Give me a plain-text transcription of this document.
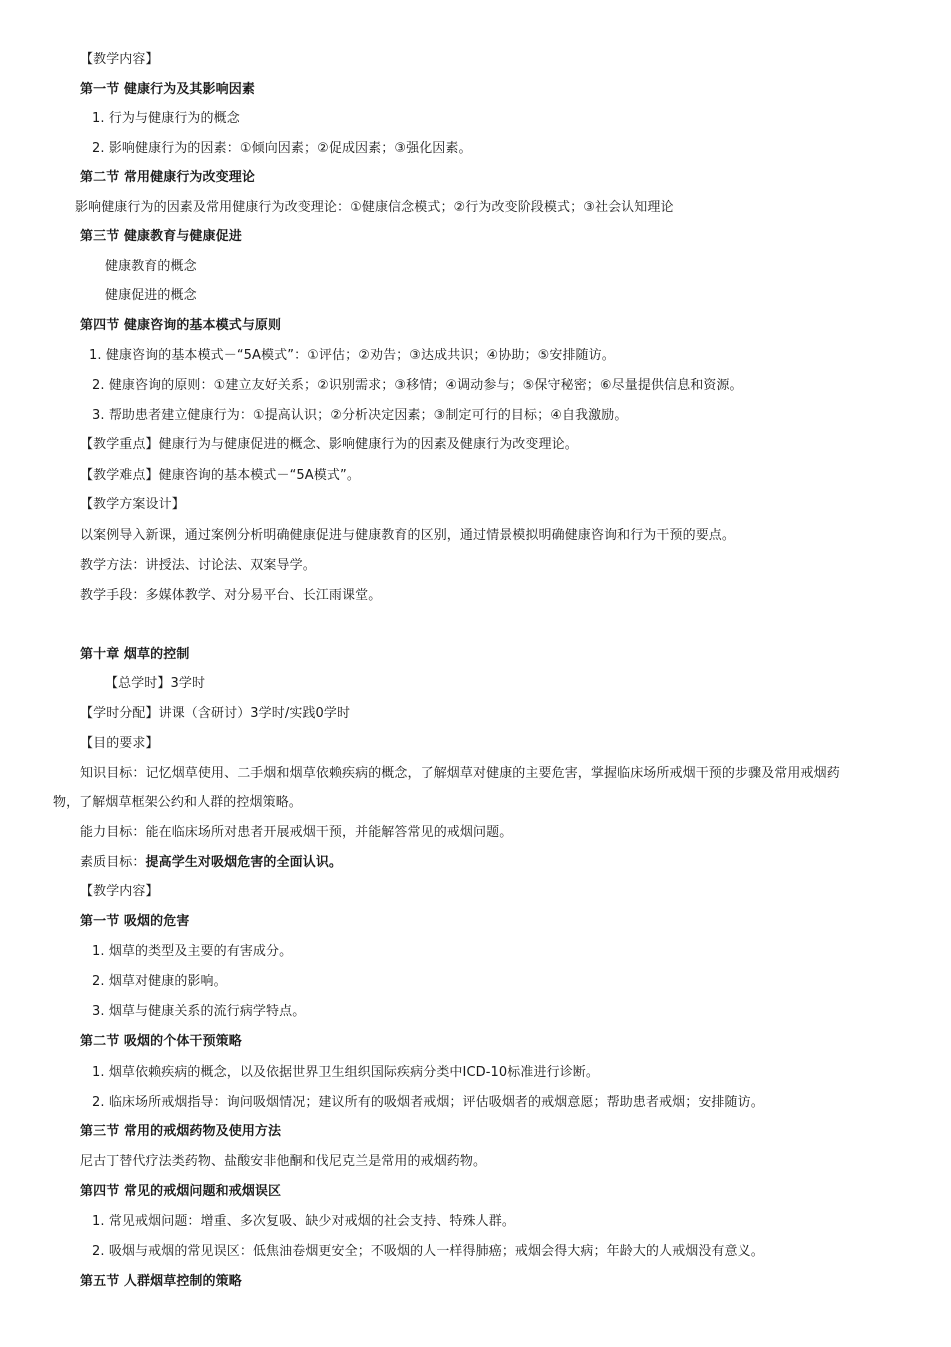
【教学内容】
第一节 健康行为及其影响因素
1. 行为与健康行为的概念
2. 影响健康行为的因素：①倾向因素；②促成因素；③强化因素。
第二节 常用健康行为改变理论
影响健康行为的因素及常用健康行为改变理论：①健康信念模式；②行为改变阶段模式；③社会认知理论
第三节 健康教育与健康促进
健康教育的概念
健康促进的概念
第四节 健康咨询的基本模式与原则
1. 健康咨询的基本模式－“5A模式”：①评估；②劝告；③达成共识；④协助；⑤安排随访。
2. 健康咨询的原则：①建立友好关系；②识别需求；③移情；④调动参与；⑤保守秘密；⑥尽量提供信息和资源。
3. 帮助患者建立健康行为：①提高认识；②分析决定因素；③制定可行的目标；④自我激励。
【教学重点】健康行为与健康促进的概念、影响健康行为的因素及健康行为改变理论。
【教学难点】健康咨询的基本模式－“5A模式”。
【教学方案设计】
以案例导入新课，通过案例分析明确健康促进与健康教育的区别，通过情景模拟明确健康咨询和行为干预的要点。
教学方法：讲授法、讨论法、双案导学。
教学手段：多媒体教学、对分易平台、长江雨课堂。
第十章 烟草的控制
【总学时】3学时
【学时分配】讲课（含研讨）3学时/实践0学时
【目的要求】
知识目标：记忆烟草使用、二手烟和烟草依赖疾病的概念，了解烟草对健康的主要危害，掌握临床场所戒烟干预的步骤及常用戒烟药
物，了解烟草框架公约和人群的控烟策略。
能力目标：能在临床场所对患者开展戒烟干预，并能解答常见的戒烟问题。
素质目标：提高学生对吸烟危害的全面认识。
【教学内容】
第一节 吸烟的危害
1. 烟草的类型及主要的有害成分。
2. 烟草对健康的影响。
3. 烟草与健康关系的流行病学特点。
第二节 吸烟的个体干预策略
1. 烟草依赖疾病的概念，以及依据世界卫生组织国际疾病分类中ICD-10标准进行诊断。
2. 临床场所戒烟指导：询问吸烟情况；建议所有的吸烟者戒烟；评估吸烟者的戒烟意愿；帮助患者戒烟；安排随访。
第三节 常用的戒烟药物及使用方法
尼古丁替代疗法类药物、盐酸安非他酮和伐尼克兰是常用的戒烟药物。
第四节 常见的戒烟问题和戒烟误区
1. 常见戒烟问题：增重、多次复吸、缺少对戒烟的社会支持、特殊人群。
2. 吸烟与戒烟的常见误区：低焦油卷烟更安全；不吸烟的人一样得肺癌；戒烟会得大病；年龄大的人戒烟没有意义。
第五节 人群烟草控制的策略
